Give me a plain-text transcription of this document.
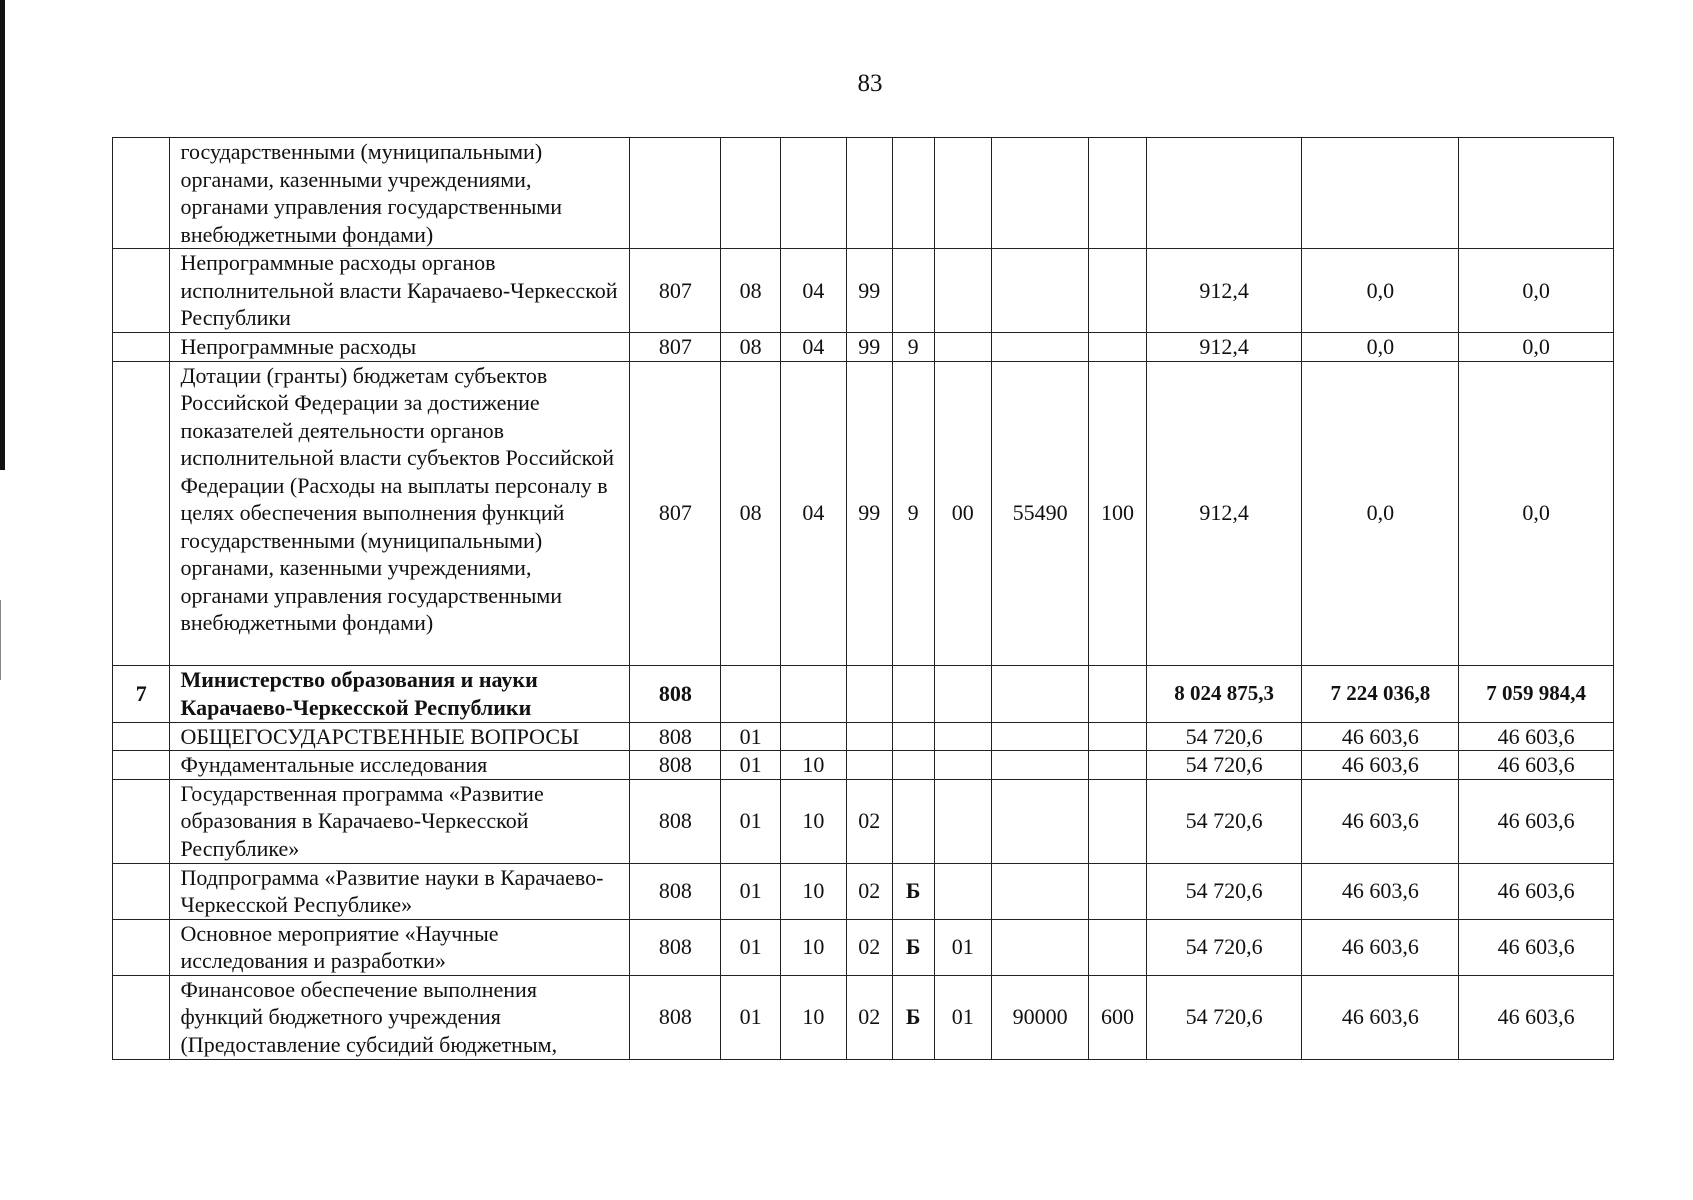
83
	государственными (муниципальными) органами, казенными учреждениями, органами управления государственными внебюджетными фондами)											
	Непрограммные расходы органов исполнительной власти Карачаево-Черкесской Республики	807	08	04	99					912,4	0,0	0,0
	Непрограммные расходы	807	08	04	99	9				912,4	0,0	0,0
	Дотации (гранты) бюджетам субъектов Российской Федерации за достижение показателей деятельности органов исполнительной власти субъектов Российской Федерации (Расходы на выплаты персоналу в целях обеспечения выполнения функций государственными (муниципальными) органами, казенными учреждениями, органами управления государственными внебюджетными фондами)	807	08	04	99	9	00	55490	100	912,4	0,0	0,0
7	Министерство образования и науки Карачаево-Черкесской Республики	808								8 024 875,3	7 224 036,8	7 059 984,4
	ОБЩЕГОСУДАРСТВЕННЫЕ ВОПРОСЫ	808	01							54 720,6	46 603,6	46 603,6
	Фундаментальные исследования	808	01	10						54 720,6	46 603,6	46 603,6
	Государственная программа «Развитие образования в Карачаево-Черкесской Республике»	808	01	10	02					54 720,6	46 603,6	46 603,6
	Подпрограмма «Развитие науки в Карачаево-Черкесской Республике»	808	01	10	02	Б				54 720,6	46 603,6	46 603,6
	Основное мероприятие «Научные исследования и разработки»	808	01	10	02	Б	01			54 720,6	46 603,6	46 603,6
	Финансовое обеспечение выполнения функций бюджетного учреждения (Предоставление субсидий бюджетным,	808	01	10	02	Б	01	90000	600	54 720,6	46 603,6	46 603,6
